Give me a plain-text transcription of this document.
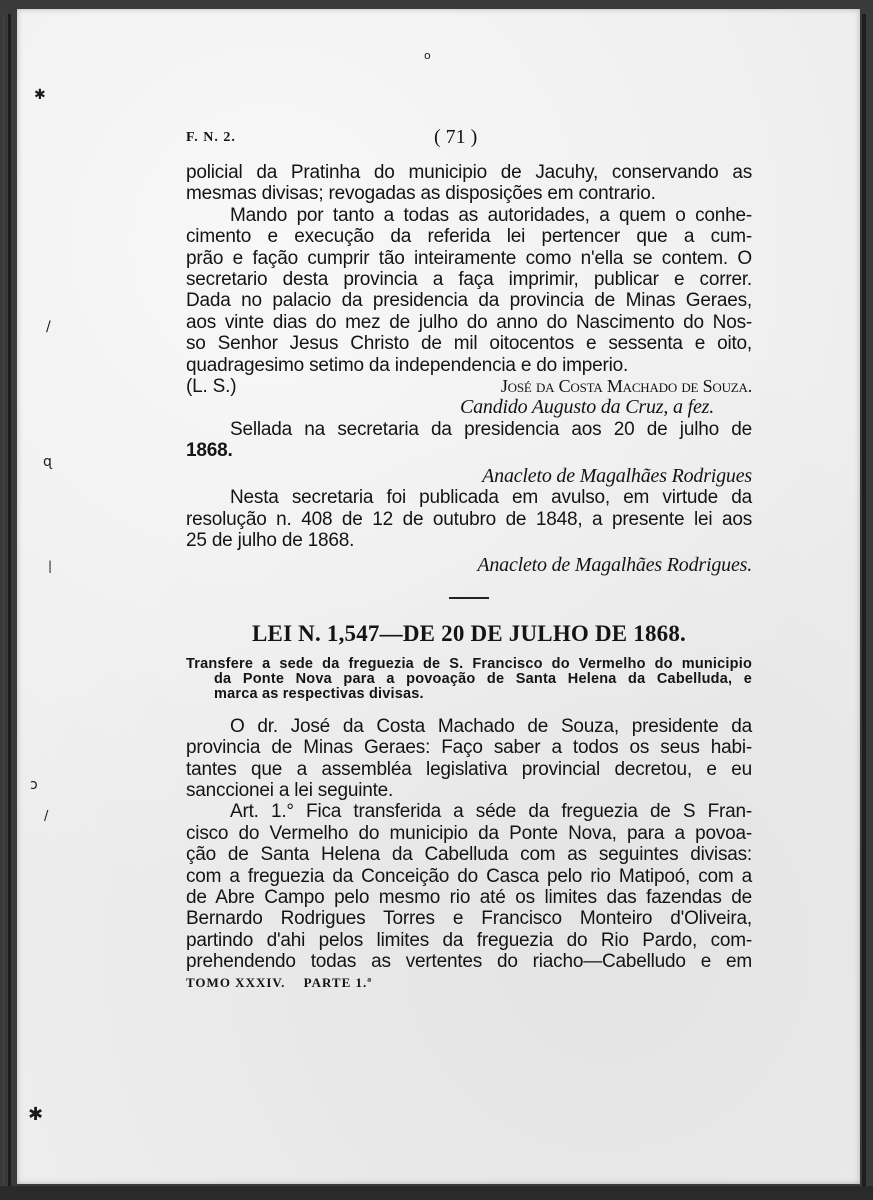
o
✱
/
ɋ
|
ɔ
/
✱
F. N. 2.	( 71 )
policial da Pratinha do municipio de Jacuhy, conservando as
mesmas divisas; revogadas as disposições em contrario.
Mando por tanto a todas as autoridades, a quem o conhe-
cimento e execução da referida lei pertencer que a cum-
prão e fação cumprir tão inteiramente como n'ella se contem. O
secretario desta provincia a faça imprimir, publicar e correr.
Dada no palacio da presidencia da provincia de Minas Geraes,
aos vinte dias do mez de julho do anno do Nascimento do Nos-
so Senhor Jesus Christo de mil oitocentos e sessenta e oito,
quadragesimo setimo da independencia e do imperio.
(L. S.)	José da Costa Machado de Souza.
Candido Augusto da Cruz, a fez.
Sellada na secretaria da presidencia aos 20 de julho de
1868.
Anacleto de Magalhães Rodrigues
Nesta secretaria foi publicada em avulso, em virtude da
resolução n. 408 de 12 de outubro de 1848, a presente lei aos
25 de julho de 1868.
Anacleto de Magalhães Rodrigues.
LEI N. 1,547—DE 20 DE JULHO DE 1868.
Transfere a sede da freguezia de S. Francisco do Vermelho do municipio
da Ponte Nova para a povoação de Santa Helena da Cabelluda, e
marca as respectivas divisas.
O dr. José da Costa Machado de Souza, presidente da
provincia de Minas Geraes: Faço saber a todos os seus habi-
tantes que a assembléa legislativa provincial decretou, e eu
sanccionei a lei seguinte.
Art. 1.° Fica transferida a séde da freguezia de S Fran-
cisco do Vermelho do municipio da Ponte Nova, para a povoa-
ção de Santa Helena da Cabelluda com as seguintes divisas:
com a freguezia da Conceição do Casca pelo rio Matipoó, com a
de Abre Campo pelo mesmo rio até os limites das fazendas de
Bernardo Rodrigues Torres e Francisco Monteiro d'Oliveira,
partindo d'ahi pelos limites da freguezia do Rio Pardo, com-
prehendendo todas as vertentes do riacho—Cabelludo e em
TOMO XXXIV. PARTE 1.ª
